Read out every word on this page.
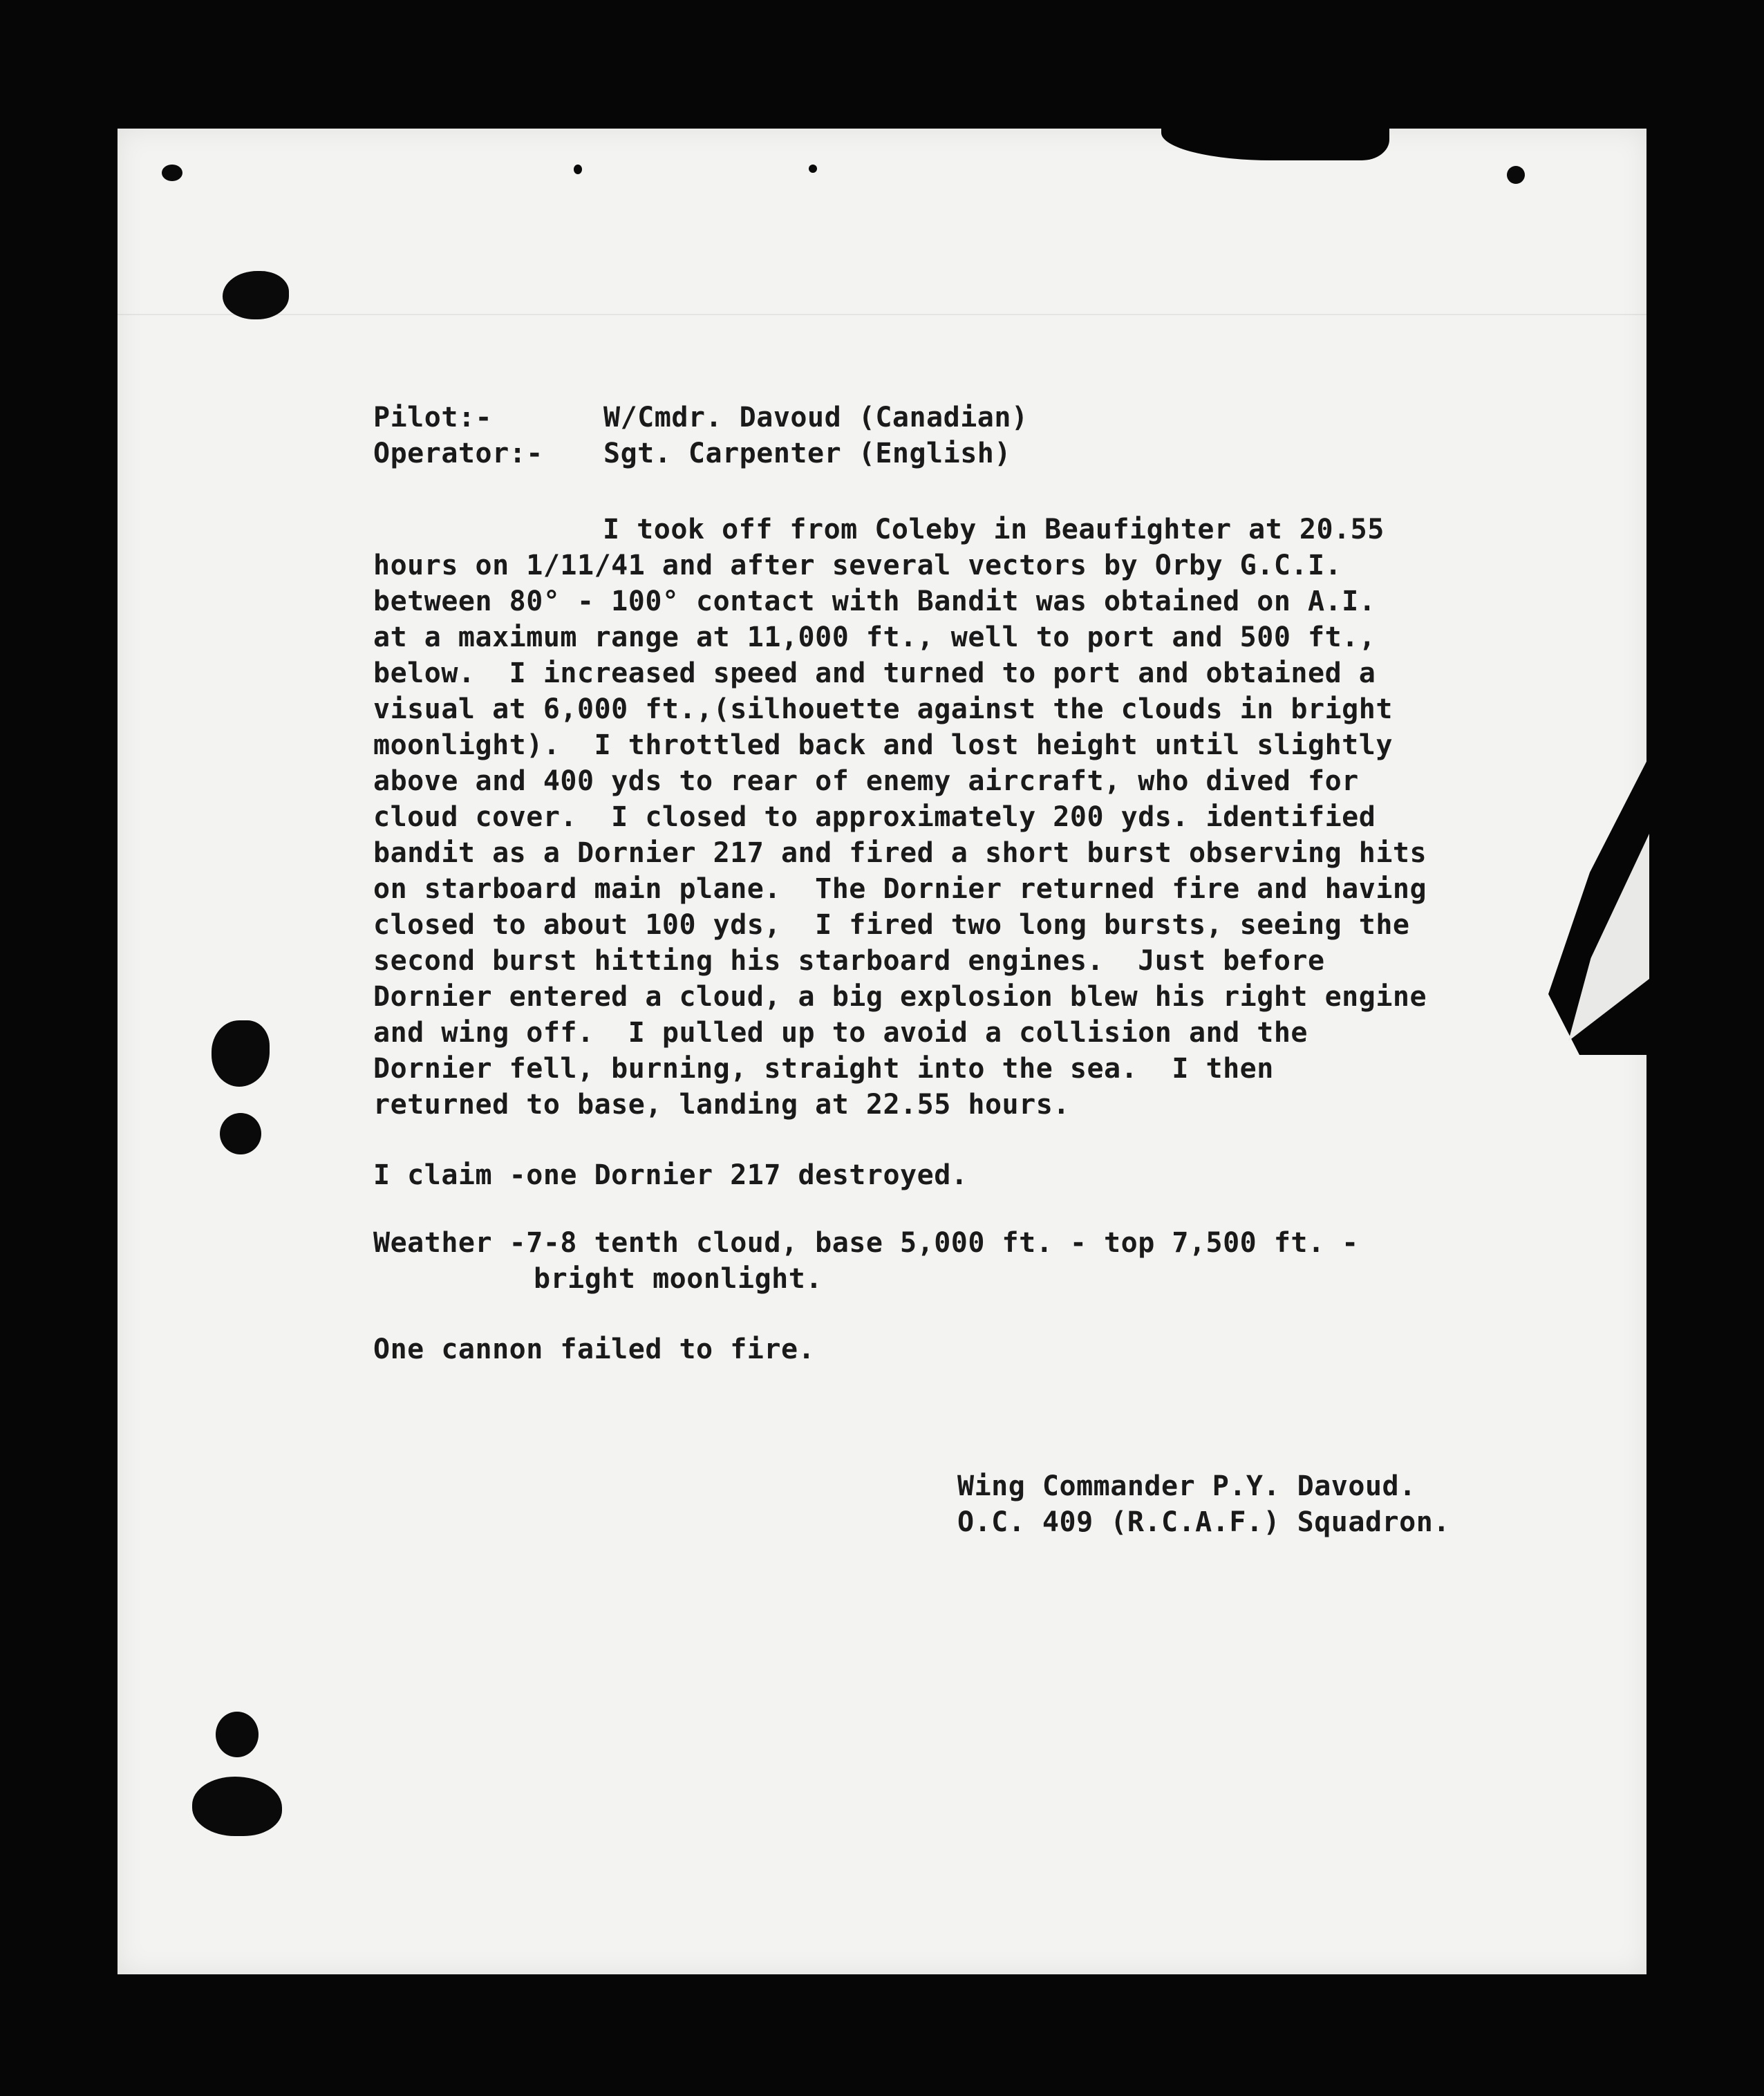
Pilot:-	W/Cmdr. Davoud (Canadian)
Operator:-	Sgt. Carpenter (English)
I took off from Coleby in Beaufighter at 20.55
hours on 1/11/41 and after several vectors by Orby G.C.I.
between 80° - 100° contact with Bandit was obtained on A.I.
at a maximum range at 11,000 ft., well to port and 500 ft.,
below.  I increased speed and turned to port and obtained a
visual at 6,000 ft.,(silhouette against the clouds in bright
moonlight).  I throttled back and lost height until slightly
above and 400 yds to rear of enemy aircraft, who dived for
cloud cover.  I closed to approximately 200 yds. identified
bandit as a Dornier 217 and fired a short burst observing hits
on starboard main plane.  The Dornier returned fire and having
closed to about 100 yds,  I fired two long bursts, seeing the
second burst hitting his starboard engines.  Just before
Dornier entered a cloud, a big explosion blew his right engine
and wing off.  I pulled up to avoid a collision and the
Dornier fell, burning, straight into the sea.  I then
returned to base, landing at 22.55 hours.
I claim -one Dornier 217 destroyed.
Weather -7-8 tenth cloud, base 5,000 ft. - top 7,500 ft. -
bright moonlight.
One cannon failed to fire.
Wing Commander P.Y. Davoud.
O.C. 409 (R.C.A.F.) Squadron.
